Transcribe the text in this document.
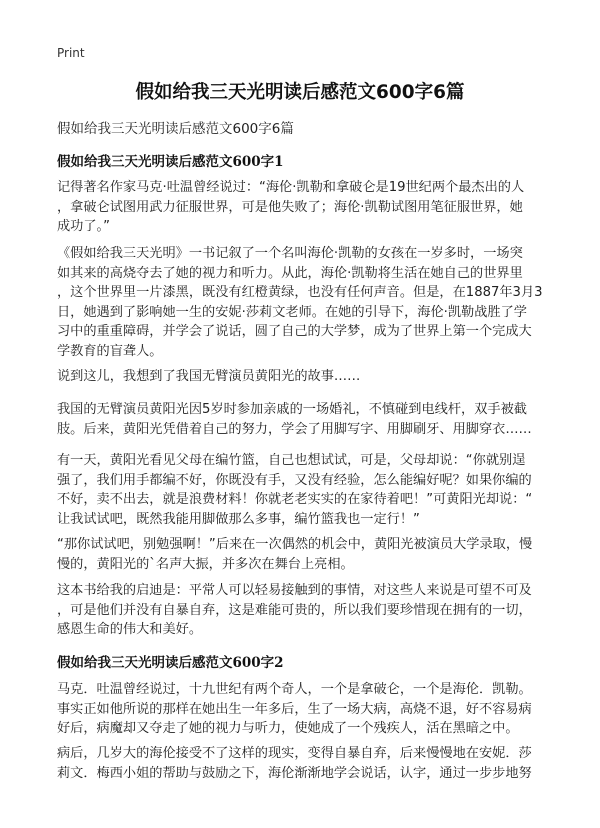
Print
假如给我三天光明读后感范文600字6篇
假如给我三天光明读后感范文600字6篇
假如给我三天光明读后感范文600字1

记得著名作家马克·吐温曾经说过：“海伦·凯勒和拿破仑是19世纪两个最杰出的人

，拿破仑试图用武力征服世界，可是他失败了；海伦·凯勒试图用笔征服世界，她

成功了。”

《假如给我三天光明》一书记叙了一个名叫海伦·凯勒的女孩在一岁多时，一场突

如其来的高烧夺去了她的视力和听力。从此，海伦·凯勒将生活在她自己的世界里

，这个世界里一片漆黑，既没有红橙黄绿，也没有任何声音。但是，在1887年3月3

日，她遇到了影响她一生的安妮·莎莉文老师。在她的引导下，海伦·凯勒战胜了学

习中的重重障碍，并学会了说话，圆了自己的大学梦，成为了世界上第一个完成大

学教育的盲聋人。

说到这儿，我想到了我国无臂演员黄阳光的故事……

我国的无臂演员黄阳光因5岁时参加亲戚的一场婚礼，不慎碰到电线杆，双手被截

肢。后来，黄阳光凭借着自己的努力，学会了用脚写字、用脚刷牙、用脚穿衣……

有一天，黄阳光看见父母在编竹篮，自己也想试试，可是，父母却说：“你就别逞

强了，我们用手都编不好，你既没有手，又没有经验，怎么能编好呢？如果你编的

不好，卖不出去，就是浪费材料！你就老老实实的在家待着吧！”可黄阳光却说：“

让我试试吧，既然我能用脚做那么多事，编竹篮我也一定行！”

“那你试试吧，别勉强啊！”后来在一次偶然的机会中，黄阳光被演员大学录取，慢

慢的，黄阳光的`名声大振，并多次在舞台上亮相。

这本书给我的启迪是：平常人可以轻易接触到的事情，对这些人来说是可望不可及

，可是他们并没有自暴自弃，这是难能可贵的，所以我们要珍惜现在拥有的一切，

感恩生命的伟大和美好。

假如给我三天光明读后感范文600字2

马克．吐温曾经说过，十九世纪有两个奇人，一个是拿破仑，一个是海伦．凯勒。

事实正如他所说的那样在她出生一年多后，生了一场大病，高烧不退，好不容易病

好后，病魔却又夺走了她的视力与听力，使她成了一个残疾人，活在黑暗之中。

病后，几岁大的海伦接受不了这样的现实，变得自暴自弃，后来慢慢地在安妮．莎

莉文．梅西小姐的帮助与鼓励之下，海伦渐渐地学会说话，认字，通过一步步地努
